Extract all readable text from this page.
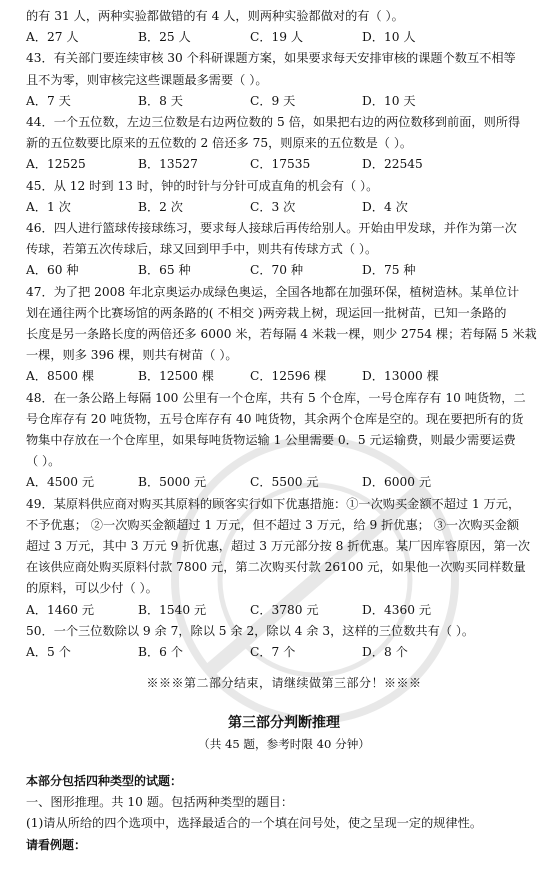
的有 31 人，两种实验都做错的有 4 人，则两种实验都做对的有（ ）。
A．27 人	B．25 人	C．19 人	D．10 人
43．有关部门要连续审核 30 个科研课题方案，如果要求每天安排审核的课题个数互不相等
且不为零，则审核完这些课题最多需要（ ）。
A．7 天	B．8 天	C．9 天	D．10 天
44．一个五位数，左边三位数是右边两位数的 5 倍，如果把右边的两位数移到前面，则所得
新的五位数要比原来的五位数的 2 倍还多 75，则原来的五位数是（ ）。
A．12525	B．13527	C．17535	D．22545
45．从 12 时到 13 时，钟的时针与分针可成直角的机会有（ ）。
A．1 次	B．2 次	C．3 次	D．4 次
46．四人进行篮球传接球练习，要求每人接球后再传给别人。开始由甲发球，并作为第一次
传球，若第五次传球后，球又回到甲手中，则共有传球方式（ ）。
A．60 种	B．65 种	C．70 种	D．75 种
47．为了把 2008 年北京奥运办成绿色奥运，全国各地都在加强环保，植树造林。某单位计
划在通往两个比赛场馆的两条路的( 不相交 )两旁栽上树，现运回一批树苗，已知一条路的
长度是另一条路长度的两倍还多 6000 米，若每隔 4 米栽一棵，则少 2754 棵；若每隔 5 米栽
一棵，则多 396 棵，则共有树苗（ ）。
A．8500 棵	B．12500 棵	C．12596 棵	D．13000 棵
48．在一条公路上每隔 100 公里有一个仓库，共有 5 个仓库，一号仓库存有 10 吨货物，二
号仓库存有 20 吨货物，五号仓库存有 40 吨货物，其余两个仓库是空的。现在要把所有的货
物集中存放在一个仓库里，如果每吨货物运输 1 公里需要 0．5 元运输费，则最少需要运费
（ ）。
A．4500 元	B．5000 元	C．5500 元	D．6000 元
49．某原料供应商对购买其原料的顾客实行如下优惠措施：①一次购买金额不超过 1 万元，
不予优惠； ②一次购买金额超过 1 万元，但不超过 3 万元，给 9 折优惠； ③一次购买金额
超过 3 万元，其中 3 万元 9 折优惠，超过 3 万元部分按 8 折优惠。某厂因库容原因，第一次
在该供应商处购买原料付款 7800 元，第二次购买付款 26100 元，如果他一次购买同样数量
的原料，可以少付（ ）。
A．1460 元	B．1540 元	C．3780 元	D．4360 元
50．一个三位数除以 9 余 7，除以 5 余 2，除以 4 余 3，这样的三位数共有（ ）。
A．5 个	B．6 个	C．7 个	D．8 个
※※※第二部分结束，请继续做第三部分！※※※
第三部分判断推理
（共 45 题，参考时限 40 分钟）
本部分包括四种类型的试题：
一、图形推理。共 10 题。包括两种类型的题目：
(1)请从所给的四个选项中，选择最适合的一个填在问号处，使之呈现一定的规律性。
请看例题：
